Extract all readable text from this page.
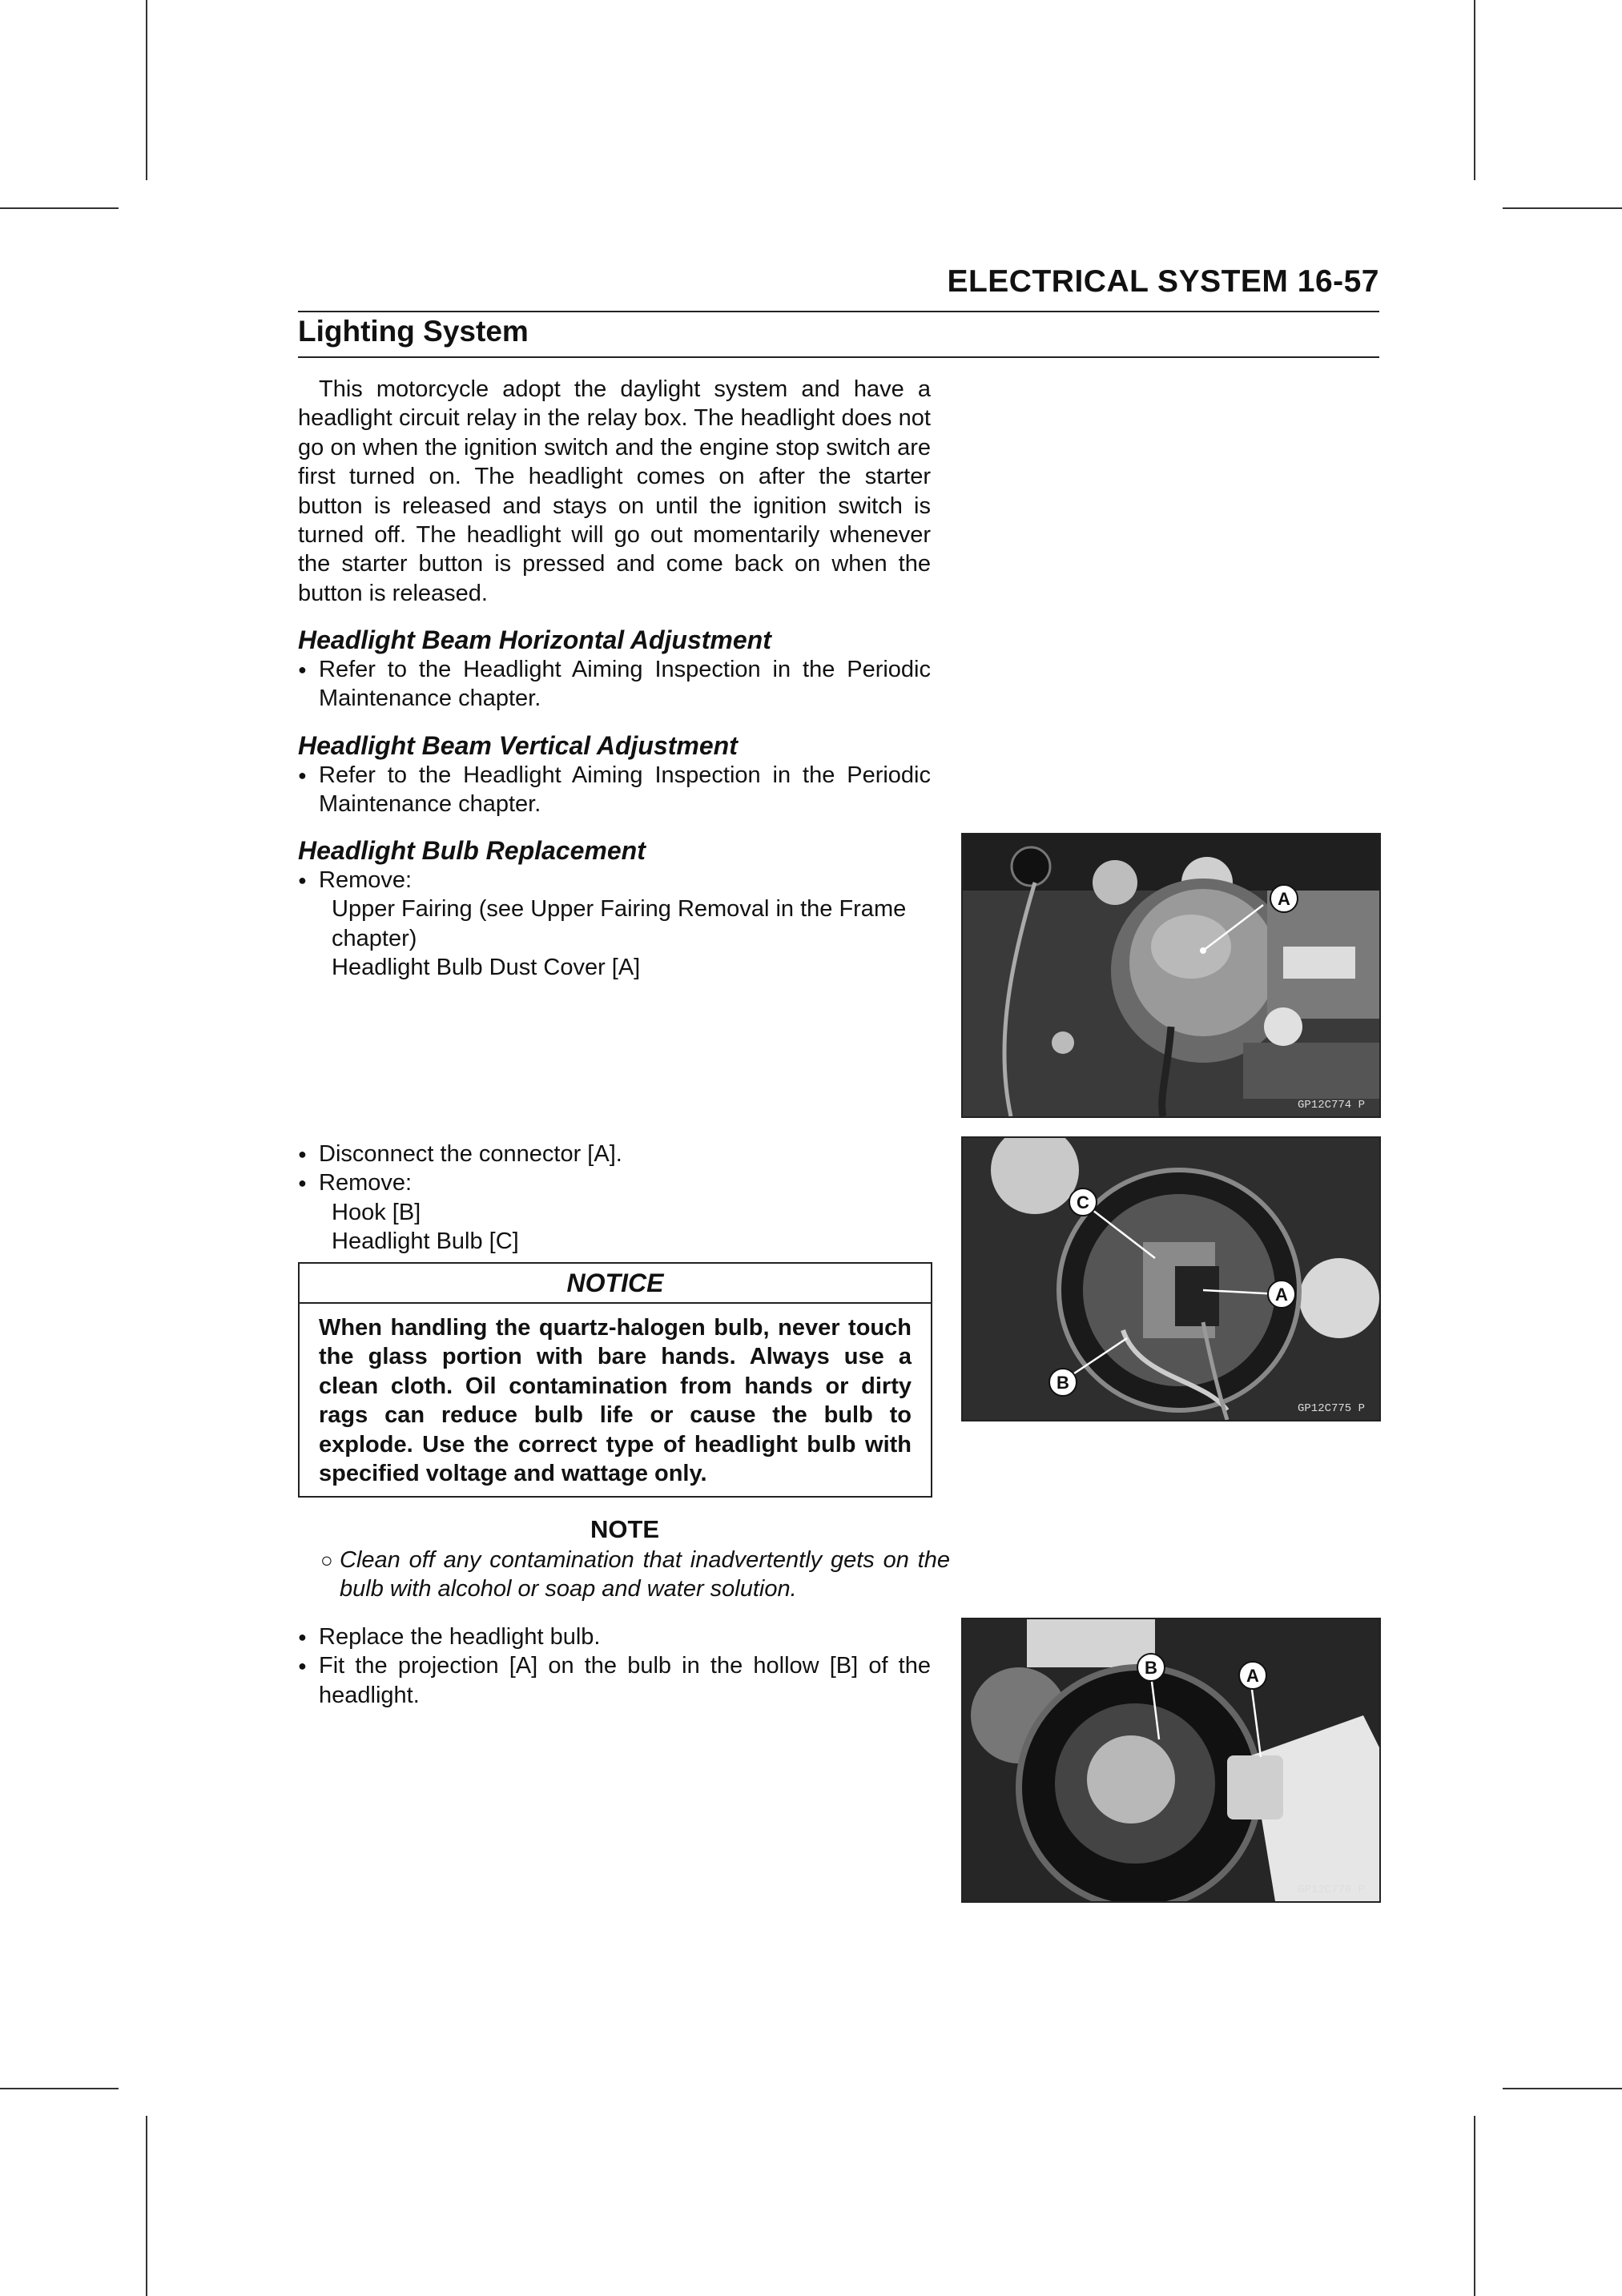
ELECTRICAL SYSTEM 16-57
Lighting System
This motorcycle adopt the daylight system and have a headlight circuit relay in the relay box. The headlight does not go on when the ignition switch and the engine stop switch are first turned on. The headlight comes on after the starter button is released and stays on until the ignition switch is turned off. The headlight will go out momentarily whenever the starter button is pressed and come back on when the button is released.
Headlight Beam Horizontal Adjustment
● Refer to the Headlight Aiming Inspection in the Periodic Maintenance chapter.
Headlight Beam Vertical Adjustment
● Refer to the Headlight Aiming Inspection in the Periodic Maintenance chapter.
Headlight Bulb Replacement
● Remove:
Upper Fairing (see Upper Fairing Removal in the Frame chapter)
Headlight Bulb Dust Cover [A]
● Disconnect the connector [A].
● Remove:
Hook [B]
Headlight Bulb [C]
NOTICE
When handling the quartz-halogen bulb, never touch the glass portion with bare hands. Always use a clean cloth. Oil contamination from hands or dirty rags can reduce bulb life or cause the bulb to explode. Use the correct type of headlight bulb with specified voltage and wattage only.
NOTE
○ Clean off any contamination that inadvertently gets on the bulb with alcohol or soap and water solution.
● Replace the headlight bulb.
● Fit the projection [A] on the bulb in the hollow [B] of the headlight.
A
GP12C774 P
C
A
B
GP12C775 P
B	A
GP12C776 P
